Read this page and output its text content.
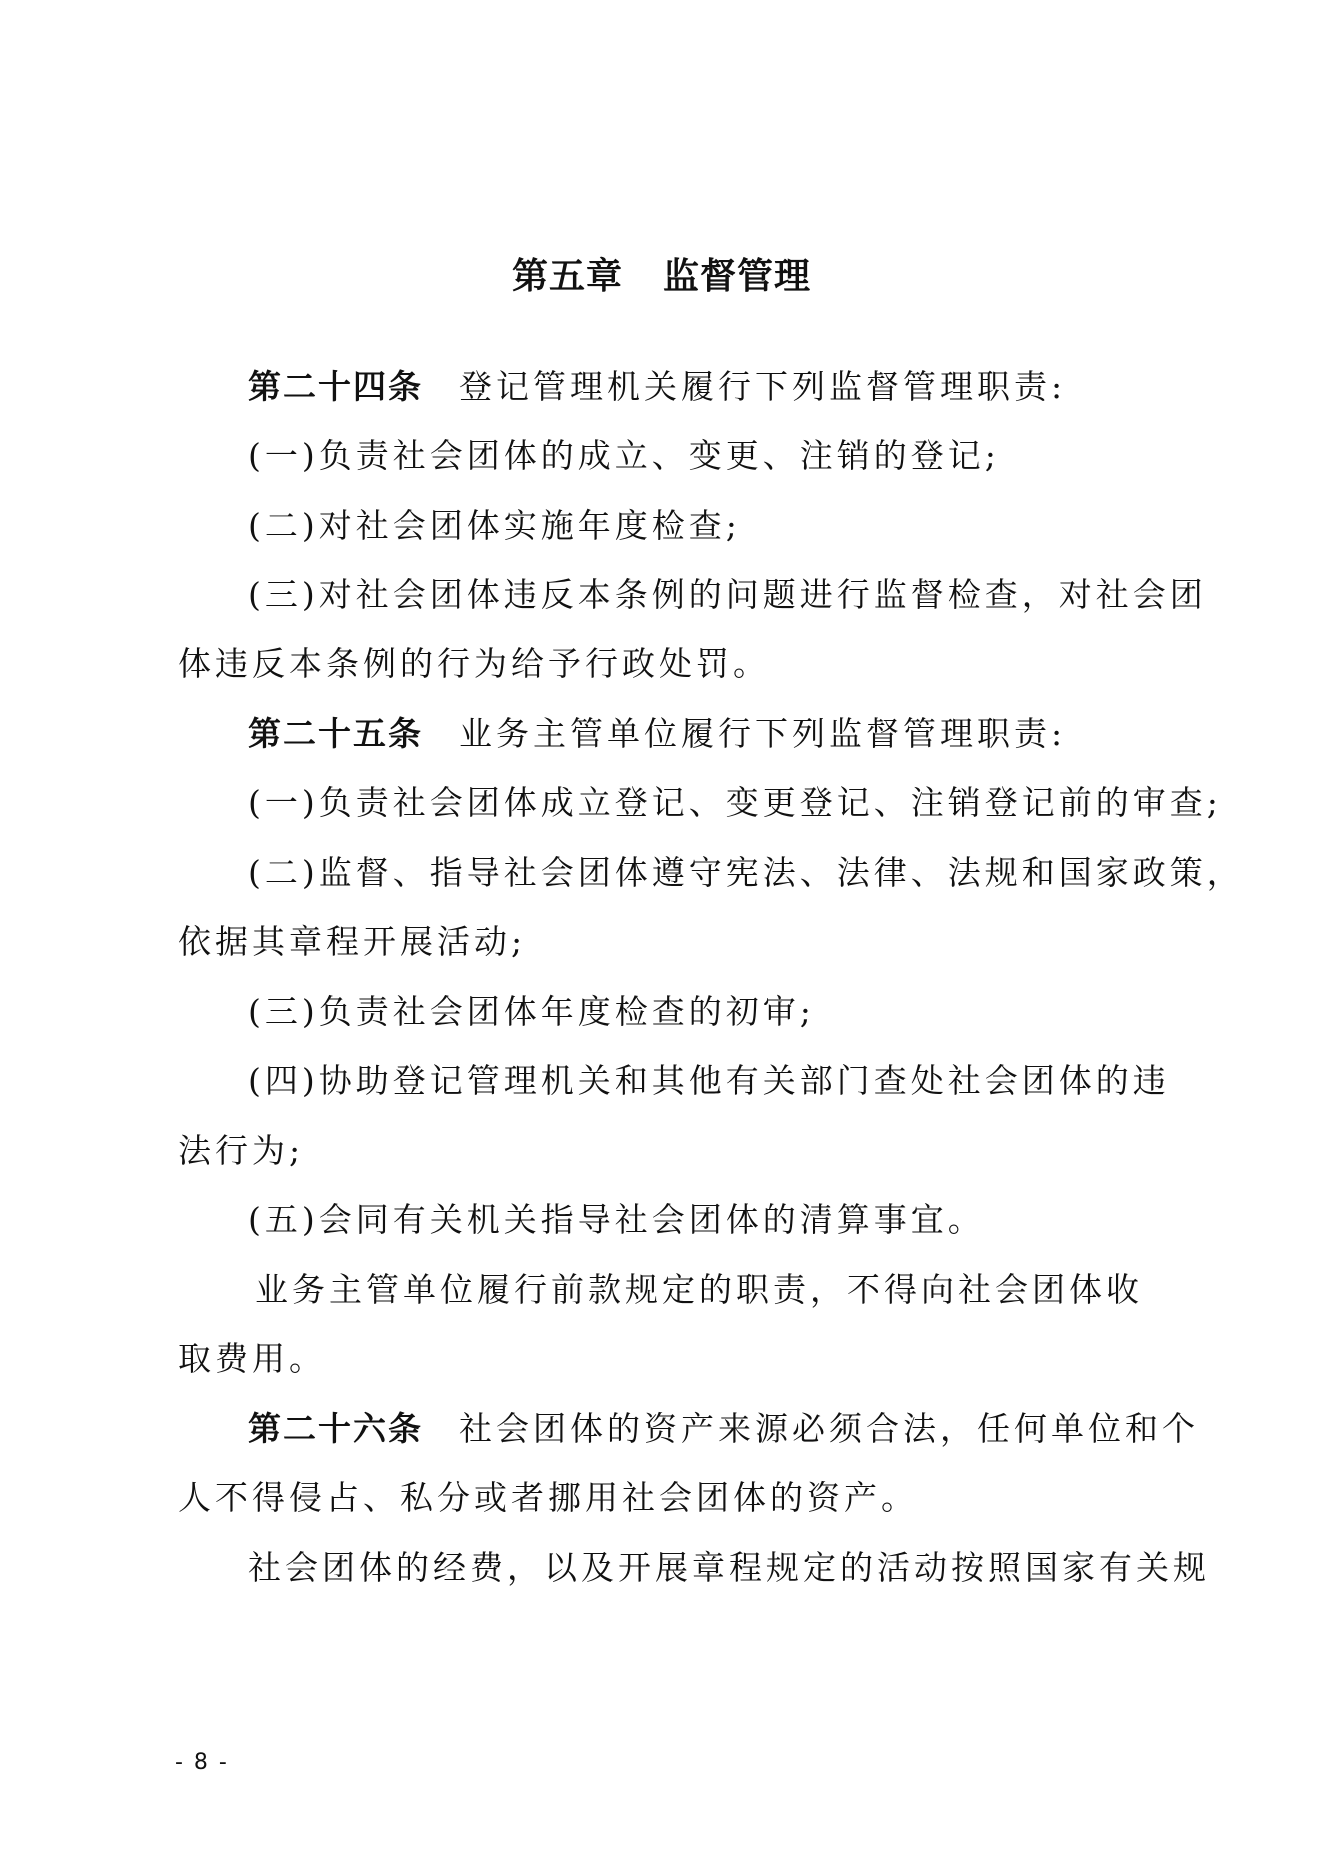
第五章 监督管理
第二十四条 登记管理机关履行下列监督管理职责:
(一)负责社会团体的成立、变更、注销的登记;
(二)对社会团体实施年度检查;
(三)对社会团体违反本条例的问题进行监督检查，对社会团
体违反本条例的行为给予行政处罚。
第二十五条 业务主管单位履行下列监督管理职责:
(一)负责社会团体成立登记、变更登记、注销登记前的审查;
(二)监督、指导社会团体遵守宪法、法律、法规和国家政策，
依据其章程开展活动;
(三)负责社会团体年度检查的初审;
(四)协助登记管理机关和其他有关部门查处社会团体的违
法行为;
(五)会同有关机关指导社会团体的清算事宜。
业务主管单位履行前款规定的职责，不得向社会团体收
取费用。
第二十六条 社会团体的资产来源必须合法，任何单位和个
人不得侵占、私分或者挪用社会团体的资产。
社会团体的经费，以及开展章程规定的活动按照国家有关规
- 8 -
